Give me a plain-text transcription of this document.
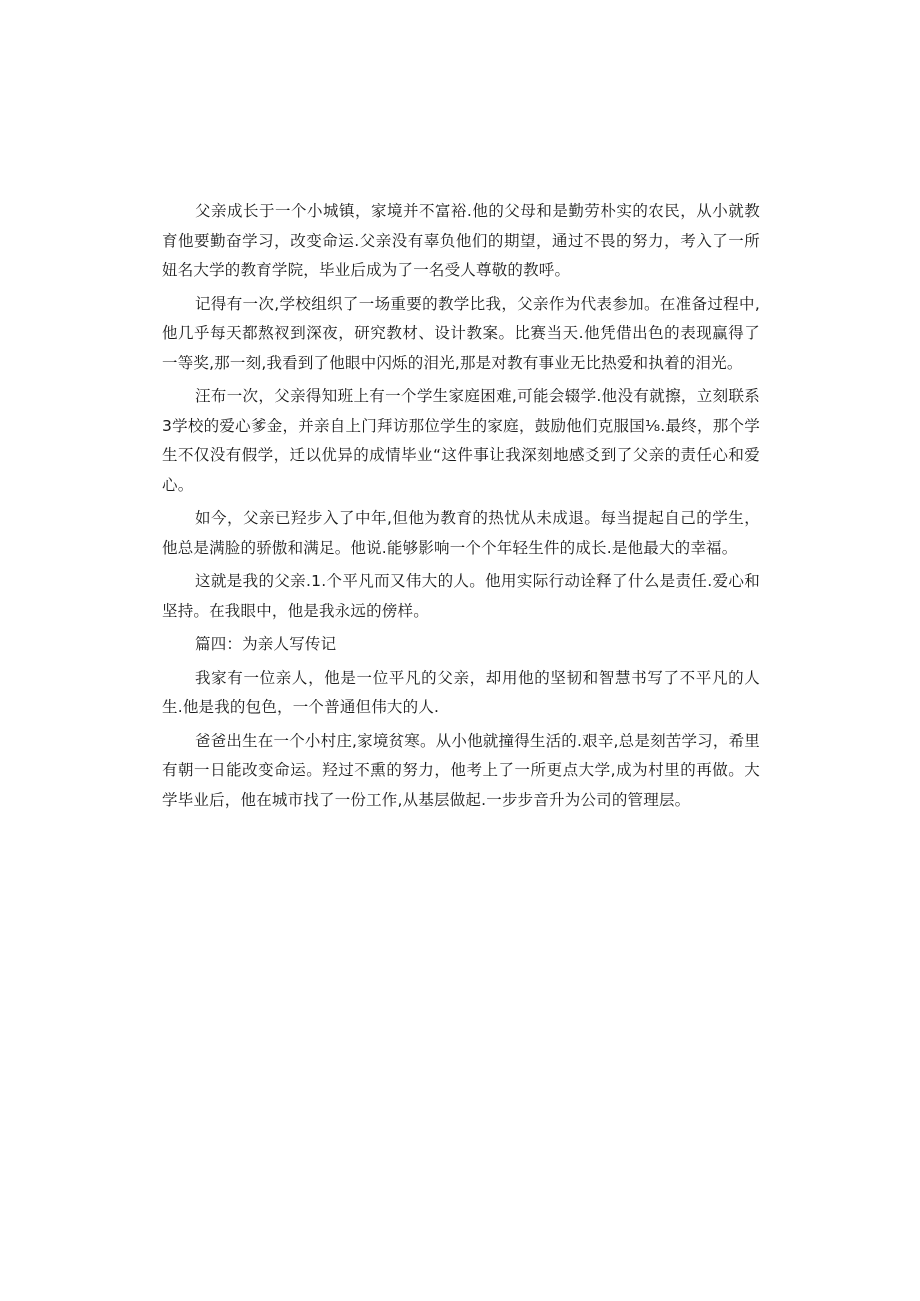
父亲成长于一个小城镇，家境并不富裕.他的父母和是勤劳朴实的农民，从小就教育他要勤奋学习，改变命运.父亲没有辜负他们的期望，通过不畏的努力，考入了一所妞名大学的教育学院，毕业后成为了一名受人尊敬的教呼。

记得有一次,学校组织了一场重要的教学比我，父亲作为代表参加。在准备过程中,他几乎每天都熬衩到深夜，研究教材、设计教案。比赛当天.他凭借出色的表现赢得了一等奖,那一刻,我看到了他眼中闪烁的泪光,那是对教有事业无比热爱和执着的泪光。

汪布一次，父亲得知班上有一个学生家庭困难,可能会辍学.他没有就擦，立刻联系3学校的爱心爹金，并亲自上门拜访那位学生的家庭，鼓励他们克服国⅛.最终，那个学生不仅没有假学，迁以优异的成情毕业“这件事让我深刻地感爻到了父亲的责任心和爱心。

如今，父亲已羟步入了中年,但他为教育的热忧从未成退。每当提起自己的学生，他总是满脸的骄傲和满足。他说.能够影响一个个年轻生件的成长.是他最大的幸福。

这就是我的父亲.1.个平凡而又伟大的人。他用实际行动诠释了什么是责任.爱心和坚持。在我眼中，他是我永远的傍样。

篇四：为亲人写传记

我家有一位亲人，他是一位平凡的父亲，却用他的坚韧和智慧书写了不平凡的人生.他是我的包色，一个普通但伟大的人.

爸爸出生在一个小村庄,家境贫寒。从小他就撞得生活的.艰辛,总是刻苦学习，希里有朝一日能改变命运。羟过不熏的努力，他考上了一所更点大学,成为村里的再做。大学毕业后，他在城市找了一份工作,从基层做起.一步步音升为公司的管理层。
